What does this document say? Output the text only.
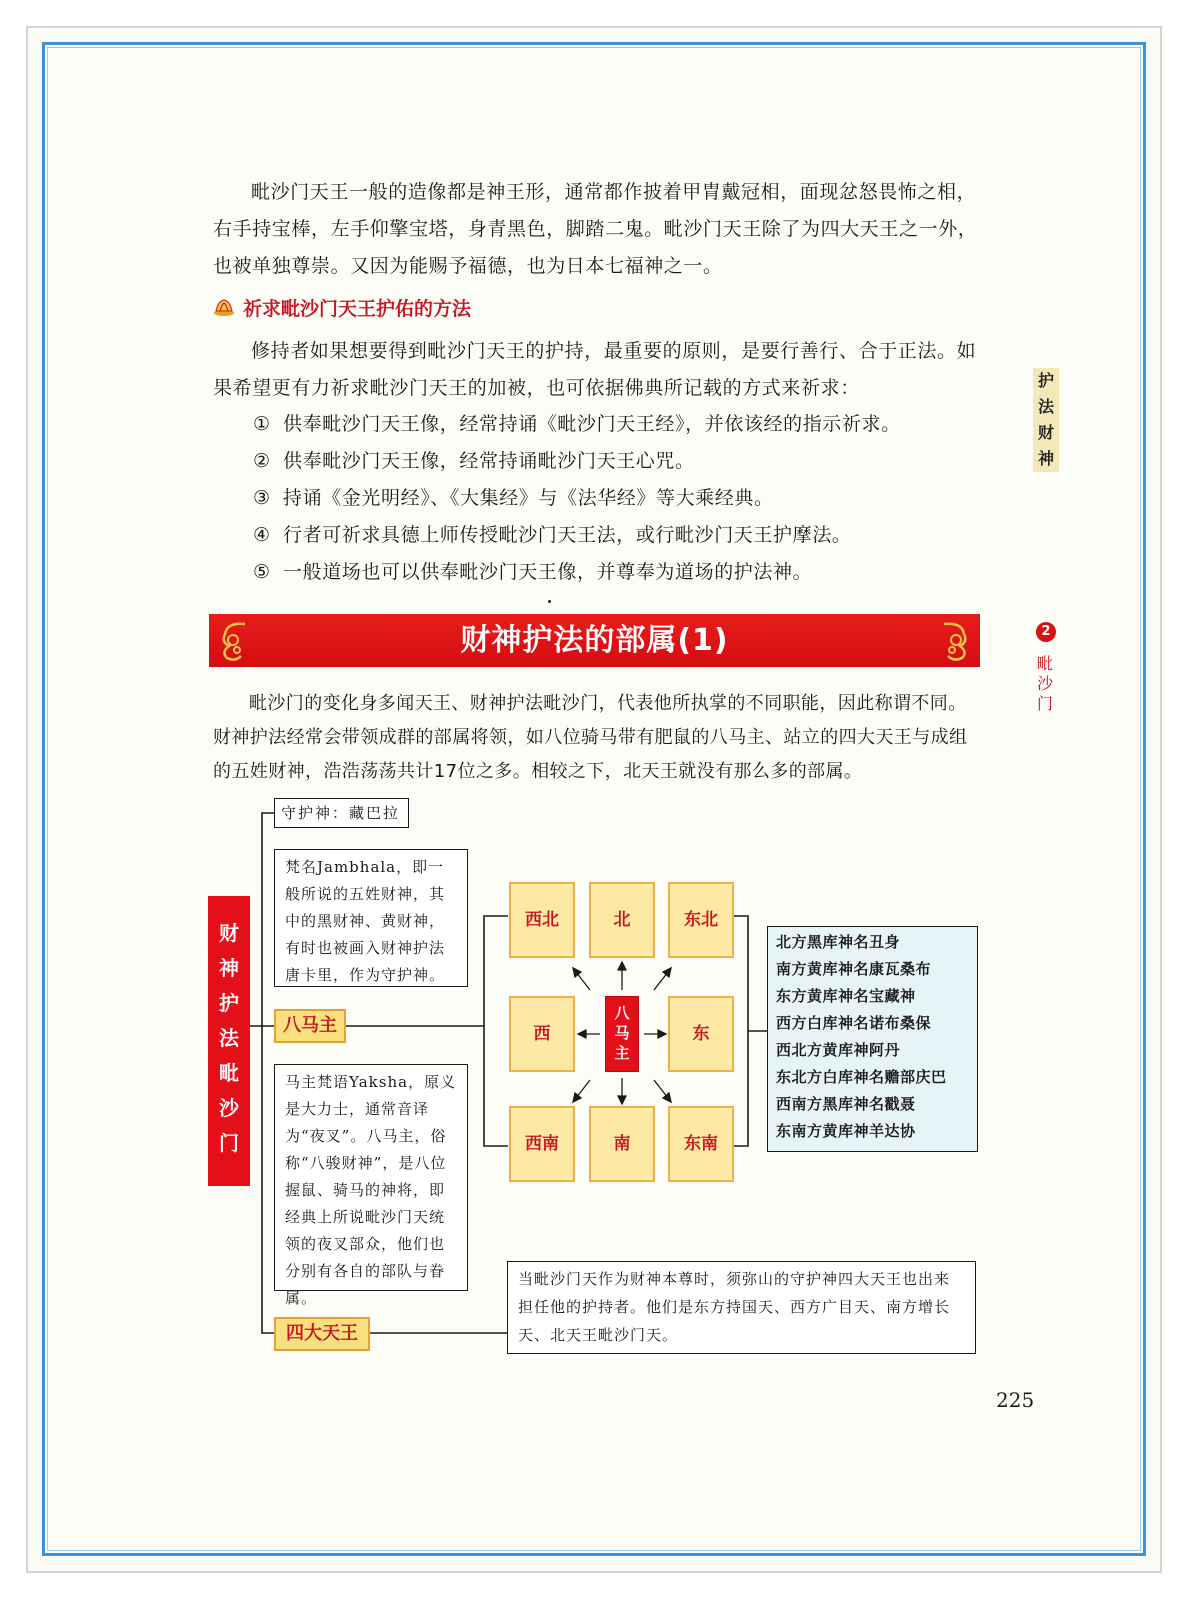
毗沙门天王一般的造像都是神王形，通常都作披着甲胄戴冠相，面现忿怒畏怖之相，右手持宝棒，左手仰擎宝塔，身青黑色，脚踏二鬼。毗沙门天王除了为四大天王之一外，也被单独尊崇。又因为能赐予福德，也为日本七福神之一。

祈求毗沙门天王护佑的方法

修持者如果想要得到毗沙门天王的护持，最重要的原则，是要行善行、合于正法。如果希望更有力祈求毗沙门天王的加被，也可依据佛典所记载的方式来祈求：

① 供奉毗沙门天王像，经常持诵《毗沙门天王经》，并依该经的指示祈求。
② 供奉毗沙门天王像，经常持诵毗沙门天王心咒。
③ 持诵《金光明经》、《大集经》与《法华经》等大乘经典。
④ 行者可祈求具德上师传授毗沙门天王法，或行毗沙门天王护摩法。
⑤ 一般道场也可以供奉毗沙门天王像，并尊奉为道场的护法神。
护
法
财
神
2
毗
沙
门
财神护法的部属(1)

毗沙门的变化身多闻天王、财神护法毗沙门，代表他所执掌的不同职能，因此称谓不同。财神护法经常会带领成群的部属将领，如八位骑马带有肥鼠的八马主、站立的四大天王与成组的五姓财神，浩浩荡荡共计17位之多。相较之下，北天王就没有那么多的部属。

财
神
护
法
毗
沙
门
守护神：藏巴拉
梵名Jambhala，即一般所说的五姓财神，其中的黑财神、黄财神，有时也被画入财神护法唐卡里，作为守护神。
八马主
马主梵语Yaksha，原义是大力士，通常音译为“夜叉”。八马主，俗称“八骏财神”，是八位握鼠、骑马的神将，即经典上所说毗沙门天统领的夜叉部众，他们也分别有各自的部队与眷属。
四大天王
当毗沙门天作为财神本尊时，须弥山的守护神四大天王也出来担任他的护持者。他们是东方持国天、西方广目天、南方增长天、北天王毗沙门天。
西北	北	东北
西	东
西南	南	东南
八
马
主
北方黑库神名丑身
南方黄库神名康瓦桑布
东方黄库神名宝藏神
西方白库神名诺布桑保
西北方黄库神阿丹
东北方白库神名赡部庆巴
西南方黑库神名戳聂
东南方黄库神羊达协
225
